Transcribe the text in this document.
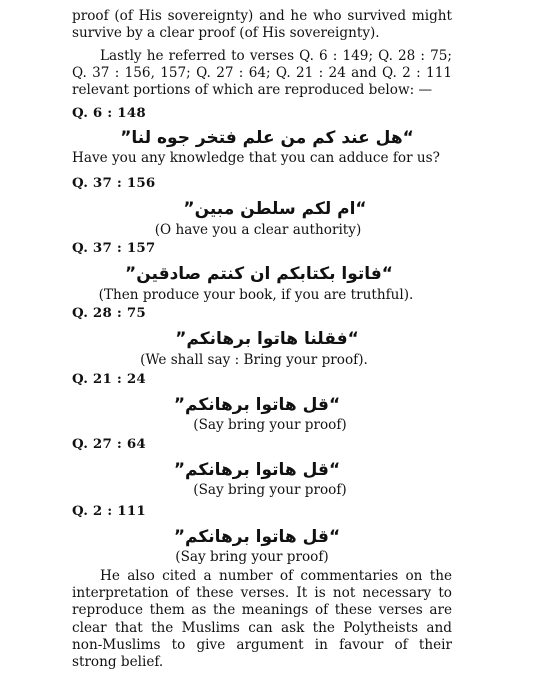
proof (of His sovereignty) and he who survived might survive by a clear proof (of His sovereignty).

Lastly he referred to verses Q. 6 : 149; Q. 28 : 75; Q. 37 : 156, 157; Q. 27 : 64; Q. 21 : 24 and Q. 2 : 111 relevant portions of which are reproduced below: —

Q. 6 : 148

“هل عند كم من علم فتخر جوه لنا”

Have you any knowledge that you can adduce for us?

Q. 37 : 156

“ام لكم سلطن مبين”

(O have you a clear authority)

Q. 37 : 157

“فاتوا بكتابكم ان كنتم صادقين”

(Then produce your book, if you are truthful).

Q. 28 : 75

“فقلنا هاتوا برهانكم”

(We shall say : Bring your proof).

Q. 21 : 24

“قل هاتوا برهانكم”

(Say bring your proof)

Q. 27 : 64

“قل هاتوا برهانكم”

(Say bring your proof)

Q. 2 : 111

“قل هاتوا برهانكم”

(Say bring your proof)

He also cited a number of commentaries on the interpretation of these verses. It is not necessary to reproduce them as the meanings of these verses are clear that the Muslims can ask the Polytheists and non-Muslims to give argument in favour of their strong belief.
